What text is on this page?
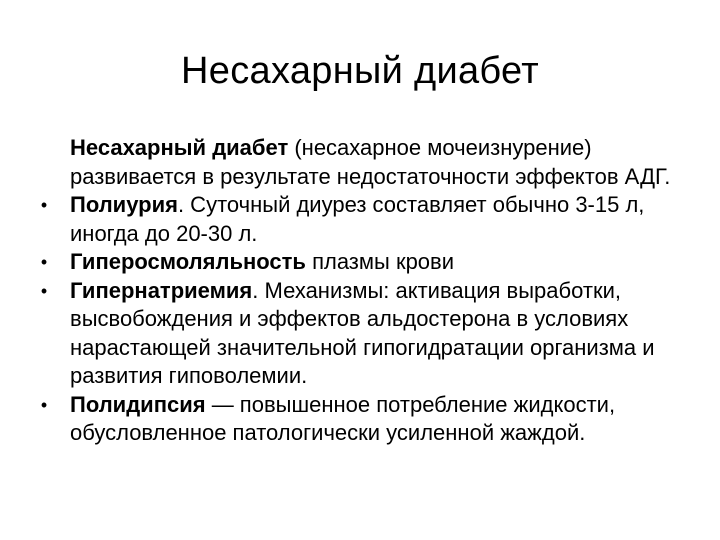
Несахарный диабет
Несахарный диабет (несахарное мочеизнурение) развивается в результате недостаточности эффектов АДГ.
•	Полиурия. Суточный диурез составляет обычно 3-15 л, иногда до 20-30 л.
•	Гиперосмоляльность плазмы крови
•	Гипернатриемия. Механизмы: активация выработки, высвобождения и эффектов альдостерона в условиях нарастающей значительной гипогидратации организма и развития гиповолемии.
•	Полидипсия — повышенное потребление жидкости, обусловленное патологически усиленной жаждой.
